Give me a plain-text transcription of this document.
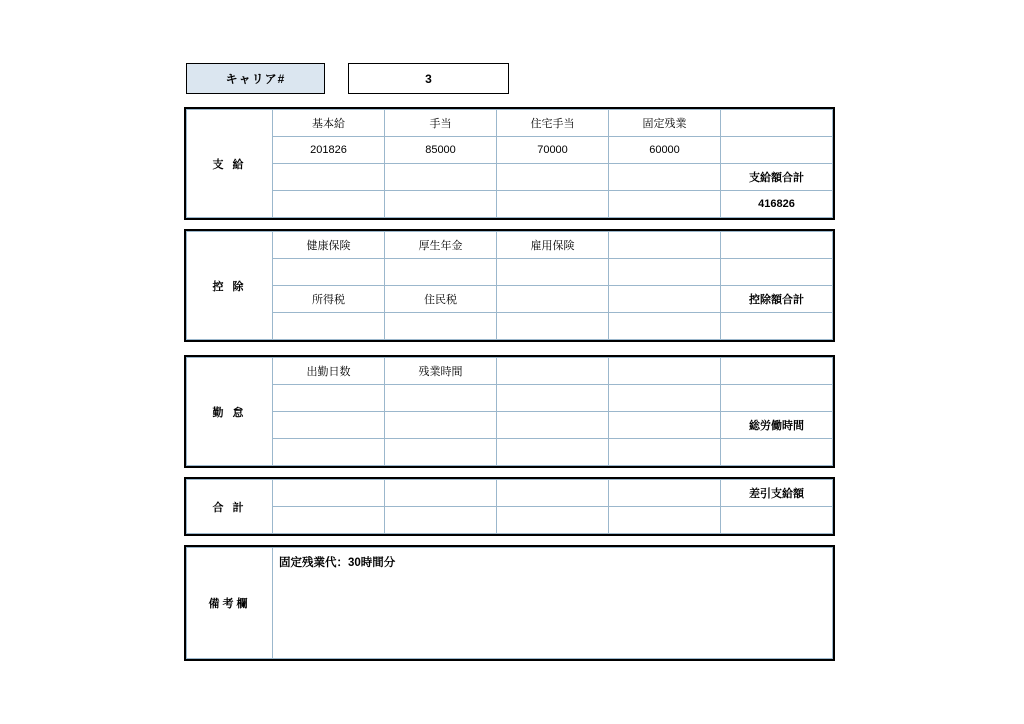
キャリア#		3
支 給	基本給	手当	住宅手当	固定残業	
	201826	85000	70000	60000	
					支給額合計
					416826
控 除	健康保険	厚生年金	雇用保険		

	所得税	住民税			控除額合計

勤 怠	出勤日数	残業時間			

					総労働時間

合 計					差引支給額

備考欄	固定残業代：30時間分
